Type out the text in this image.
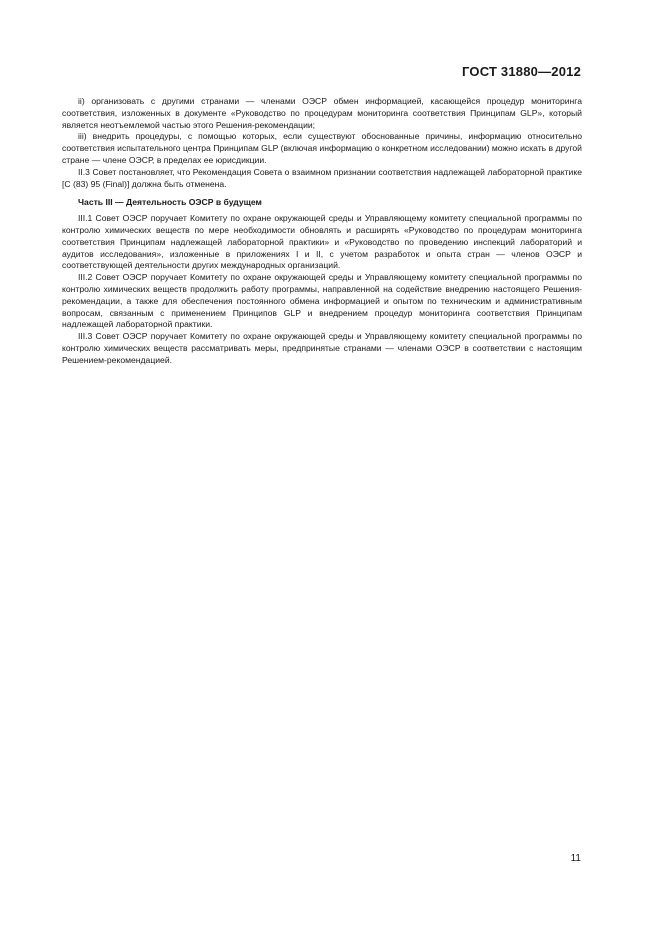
ГОСТ 31880—2012

ii) организовать с другими странами — членами ОЭСР обмен информацией, касающейся процедур мониторинга соответствия, изложенных в документе «Руководство по процедурам мониторинга соответствия Принципам GLP», который является неотъемлемой частью этого Решения-рекомендации;

iii) внедрить процедуры, с помощью которых, если существуют обоснованные причины, информацию относительно соответствия испытательного центра Принципам GLP (включая информацию о конкретном исследовании) можно искать в другой стране — члене ОЭСР, в пределах ее юрисдикции.

II.3 Совет постановляет, что Рекомендация Совета о взаимном признании соответствия надлежащей лабораторной практике [С (83) 95 (Final)] должна быть отменена.

Часть III — Деятельность ОЭСР в будущем

III.1 Совет ОЭСР поручает Комитету по охране окружающей среды и Управляющему комитету специальной программы по контролю химических веществ по мере необходимости обновлять и расширять «Руководство по процедурам мониторинга соответствия Принципам надлежащей лабораторной практики» и «Руководство по проведению инспекций лабораторий и аудитов исследования», изложенные в приложениях I и II, с учетом разработок и опыта стран — членов ОЭСР и соответствующей деятельности других международных организаций.

III.2 Совет ОЭСР поручает Комитету по охране окружающей среды и Управляющему комитету специальной программы по контролю химических веществ продолжить работу программы, направленной на содействие внедрению настоящего Решения-рекомендации, а также для обеспечения постоянного обмена информацией и опытом по техническим и административным вопросам, связанным с применением Принципов GLP и внедрением процедур мониторинга соответствия Принципам надлежащей лабораторной практики.

III.3 Совет ОЭСР поручает Комитету по охране окружающей среды и Управляющему комитету специальной программы по контролю химических веществ рассматривать меры, предпринятые странами — членами ОЭСР в соответствии с настоящим Решением-рекомендацией.

11
